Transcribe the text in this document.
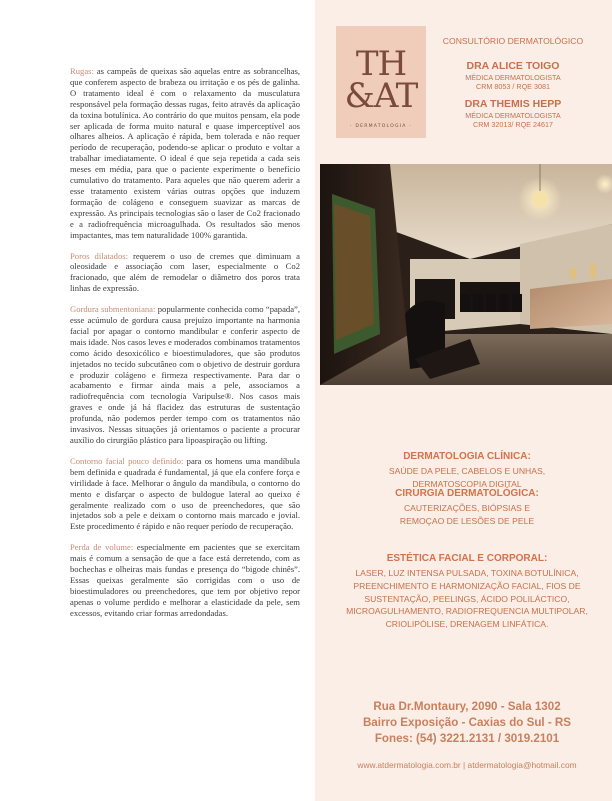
Rugas: as campeãs de queixas são aquelas entre as sobrancelhas, que conferem aspecto de brabeza ou irritação e os pés de galinha. O tratamento ideal é com o relaxamento da musculatura responsável pela formação dessas rugas, feito através da aplicação da toxina botulínica. Ao contrário do que muitos pensam, ela pode ser aplicada de forma muito natural e quase imperceptível aos olhares alheios. A aplicação é rápida, bem tolerada e não requer período de recuperação, podendo-se aplicar o produto e voltar a trabalhar imediatamente. O ideal é que seja repetida a cada seis meses em média, para que o paciente experimente o benefício cumulativo do tratamento. Para aqueles que não querem aderir a esse tratamento existem várias outras opções que induzem formação de colágeno e conseguem suavizar as marcas de expressão. As principais tecnologias são o laser de Co2 fracionado e a radiofrequência microagulhada. Os resultados são menos impactantes, mas tem naturalidade 100% garantida.

Poros dilatados: requerem o uso de cremes que diminuam a oleosidade e associação com laser, especialmente o Co2 fracionado, que além de remodelar o diâmetro dos poros trata linhas de expressão.

Gordura submentoniana: popularmente conhecida como “papada”, esse acúmulo de gordura causa prejuízo importante na harmonia facial por apagar o contorno mandibular e conferir aspecto de mais idade. Nos casos leves e moderados combinamos tratamentos como ácido desoxicólico e bioestimuladores, que são produtos injetados no tecido subcutâneo com o objetivo de destruir gordura e produzir colágeno e firmeza respectivamente. Para dar o acabamento e firmar ainda mais a pele, associamos a radiofrequência com tecnologia Varipulse®. Nos casos mais graves e onde já há flacidez das estruturas de sustentação profunda, não podemos perder tempo com os tratamentos não invasivos. Nessas situações já orientamos o paciente a procurar auxílio do cirurgião plástico para lipoaspiração ou lifting.

Contorno facial pouco definido: para os homens uma mandíbula bem definida e quadrada é fundamental, já que ela confere força e virilidade à face. Melhorar o ângulo da mandíbula, o contorno do mento e disfarçar o aspecto de buldogue lateral ao queixo é geralmente realizado com o uso de preenchedores, que são injetados sob a pele e deixam o contorno mais marcado e jovial. Este procedimento é rápido e não requer período de recuperação.

Perda de volume: especialmente em pacientes que se exercitam mais é comum a sensação de que a face está derretendo, com as bochechas e olheiras mais fundas e presença do “bigode chinês”. Essas queixas geralmente são corrigidas com o uso de bioestimuladores ou preenchedores, que tem por objetivo repor apenas o volume perdido e melhorar a elasticidade da pele, sem excessos, evitando criar formas arredondadas.

TH
&AT
· DERMATOLOGIA ·
CONSULTÓRIO DERMATOLÓGICO
DRA ALICE TOIGO
MÉDICA DERMATOLOGISTA
CRM 8053 / RQE 3081
DRA THEMIS HEPP
MÉDICA DERMATOLOGISTA
CRM 32013/ RQE 24617
DERMATOLOGIA CLÍNICA:
SAÚDE DA PELE, CABELOS E UNHAS,
DERMATOSCOPIA DIGITAL
CIRURGIA DERMATOLÓGICA:
CAUTERIZAÇÕES, BIÓPSIAS E
REMOÇAO DE LESÕES DE PELE
ESTÉTICA FACIAL E CORPORAL:
LASER, LUZ INTENSA PULSADA, TOXINA BOTULÍNICA,
PREENCHIMENTO E HARMONIZAÇÃO FACIAL, FIOS DE
SUSTENTAÇÃO, PEELINGS, ÁCIDO POLILÁCTICO,
MICROAGULHAMENTO, RADIOFREQUENCIA MULTIPOLAR,
CRIOLIPÓLISE, DRENAGEM LINFÁTICA.
Rua Dr.Montaury, 2090 - Sala 1302
Bairro Exposição - Caxias do Sul - RS
Fones: (54) 3221.2131 / 3019.2101
www.atdermatologia.com.br | atdermatologia@hotmail.com
